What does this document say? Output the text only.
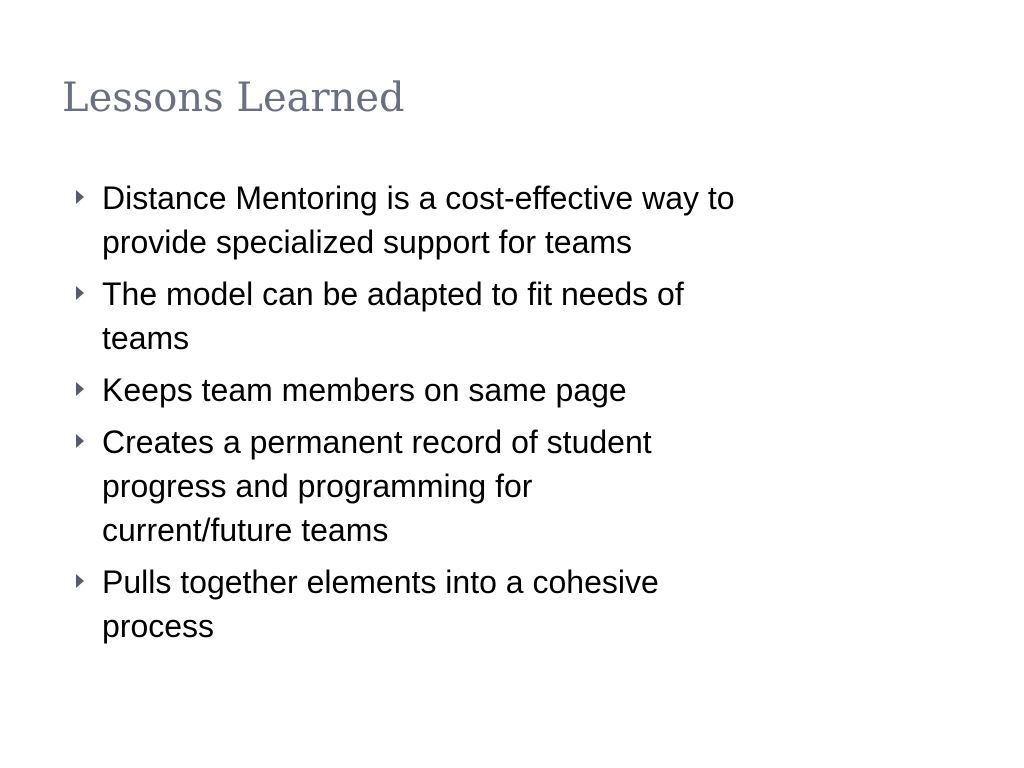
Lessons Learned

Distance Mentoring is a cost-effective way to
provide specialized support for teams

The model can be adapted to fit needs of
teams

Keeps team members on same page

Creates a permanent record of student
progress and programming for
current/future teams

Pulls together elements into a cohesive
process
